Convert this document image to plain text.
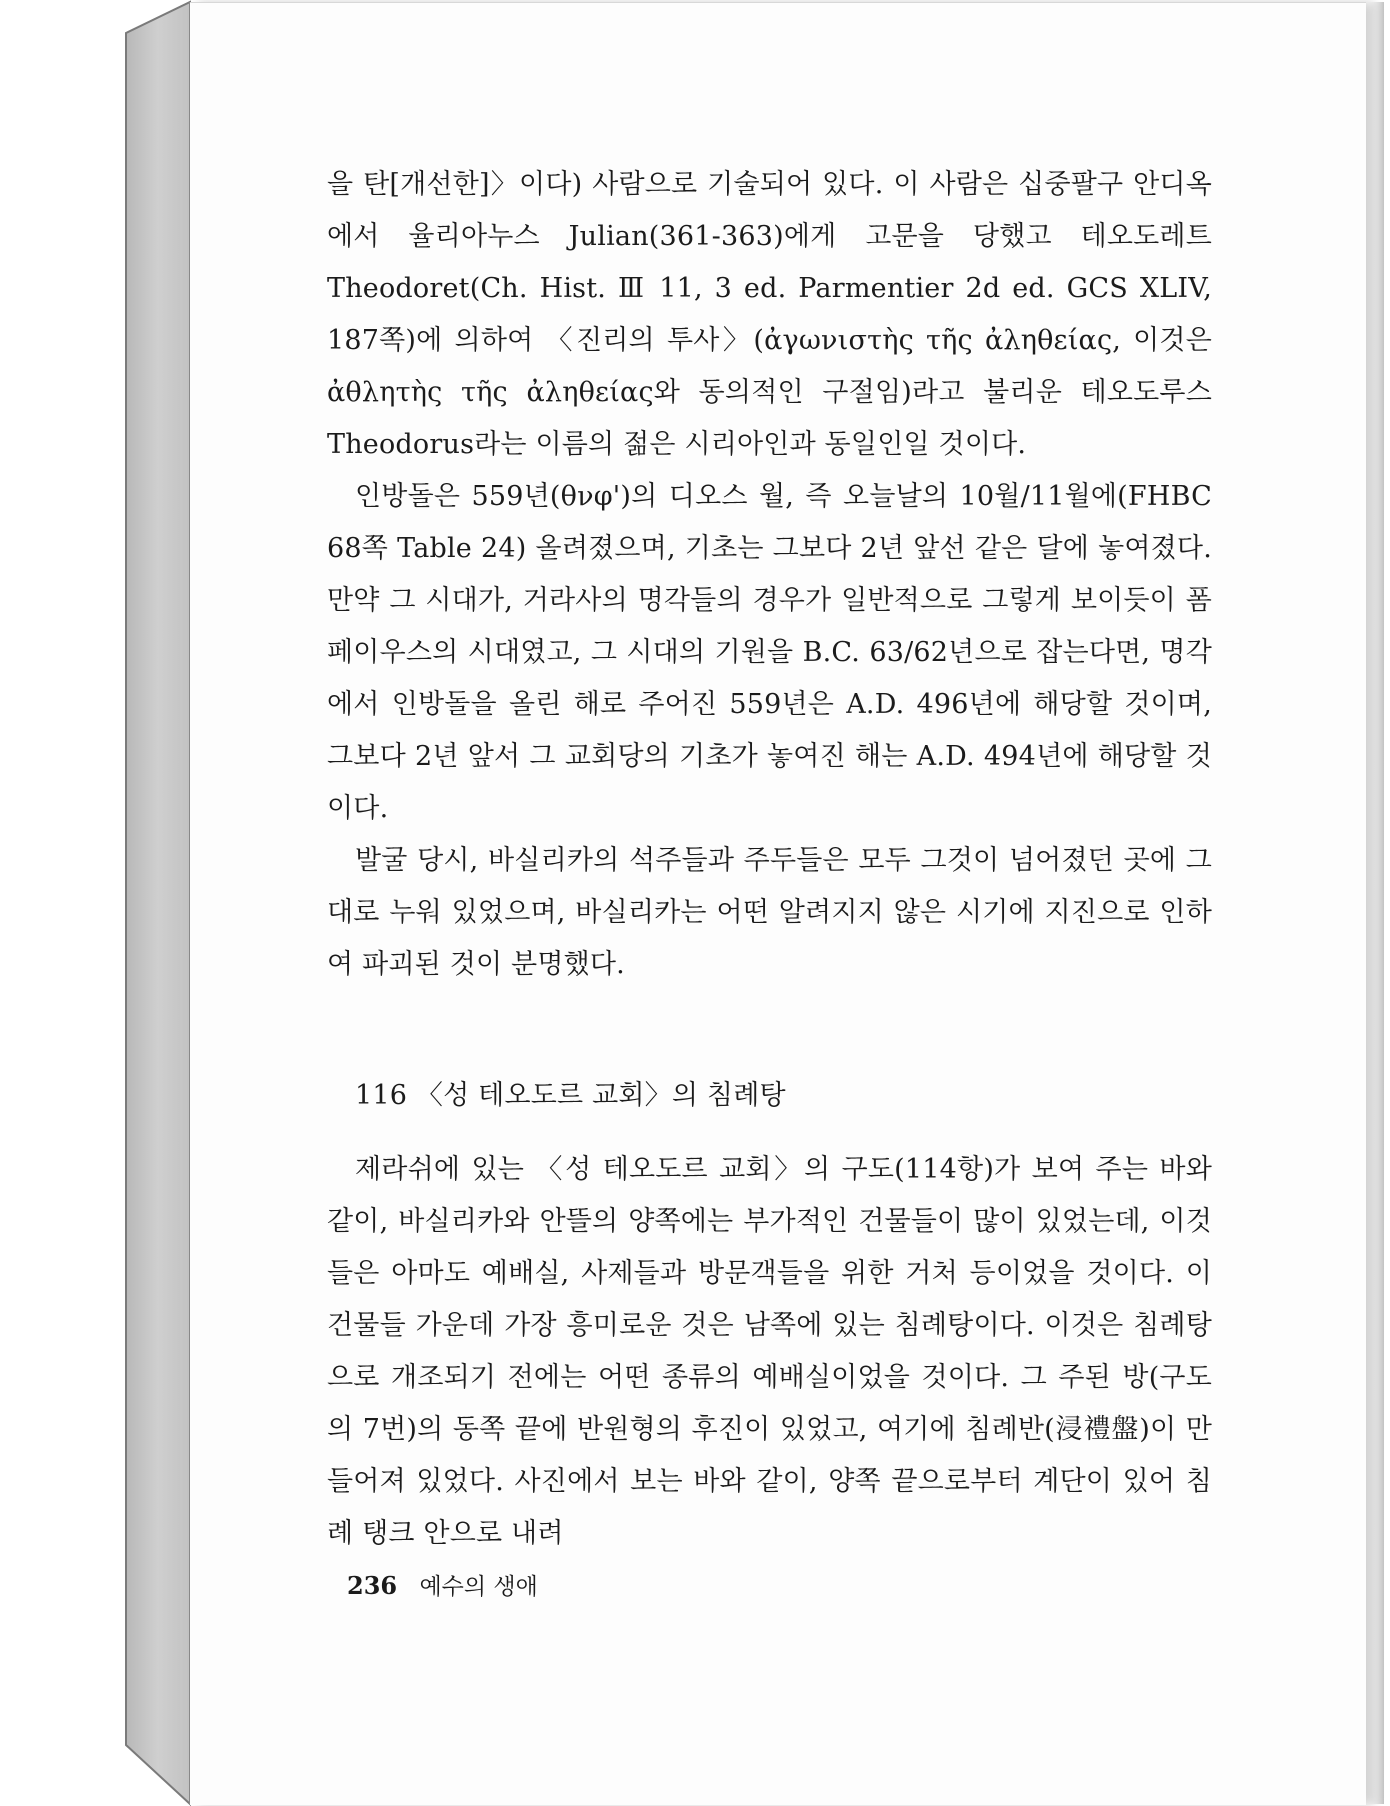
을 탄[개선한]〉이다) 사람으로 기술되어 있다. 이 사람은 십중팔구 안디옥에서 율리아누스 Julian(361-363)에게 고문을 당했고 테오도레트 Theodoret(Ch. Hist. Ⅲ 11, 3 ed. Parmentier 2d ed. GCS XLIV, 187쪽)에 의하여 〈진리의 투사〉(ἀγωνιστὴς τῆς ἀληθείας, 이것은 ἀθλητὴς τῆς ἀληθείας와 동의적인 구절임)라고 불리운 테오도루스 Theodorus라는 이름의 젊은 시리아인과 동일인일 것이다.

인방돌은 559년(θνφ')의 디오스 월, 즉 오늘날의 10월/11월에(FHBC 68쪽 Table 24) 올려졌으며, 기초는 그보다 2년 앞선 같은 달에 놓여졌다. 만약 그 시대가, 거라사의 명각들의 경우가 일반적으로 그렇게 보이듯이 폼페이우스의 시대였고, 그 시대의 기원을 B.C. 63/62년으로 잡는다면, 명각에서 인방돌을 올린 해로 주어진 559년은 A.D. 496년에 해당할 것이며, 그보다 2년 앞서 그 교회당의 기초가 놓여진 해는 A.D. 494년에 해당할 것이다.

발굴 당시, 바실리카의 석주들과 주두들은 모두 그것이 넘어졌던 곳에 그대로 누워 있었으며, 바실리카는 어떤 알려지지 않은 시기에 지진으로 인하여 파괴된 것이 분명했다.

116 〈성 테오도르 교회〉의 침례탕

제라쉬에 있는 〈성 테오도르 교회〉의 구도(114항)가 보여 주는 바와 같이, 바실리카와 안뜰의 양쪽에는 부가적인 건물들이 많이 있었는데, 이것들은 아마도 예배실, 사제들과 방문객들을 위한 거처 등이었을 것이다. 이 건물들 가운데 가장 흥미로운 것은 남쪽에 있는 침례탕이다. 이것은 침례탕으로 개조되기 전에는 어떤 종류의 예배실이었을 것이다. 그 주된 방(구도의 7번)의 동쪽 끝에 반원형의 후진이 있었고, 여기에 침례반(浸禮盤)이 만들어져 있었다. 사진에서 보는 바와 같이, 양쪽 끝으로부터 계단이 있어 침례 탱크 안으로 내려

236 예수의 생애
